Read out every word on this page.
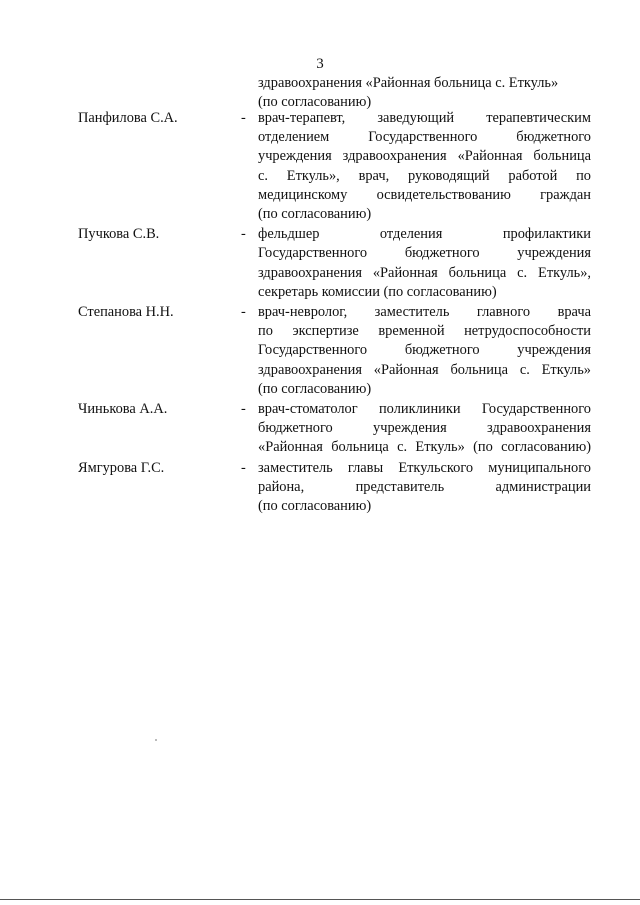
3
здравоохранения «Районная больница с. Еткуль»
(по согласованию)
Панфилова С.А.	- врач-терапевт, заведующий терапевтическим
отделением Государственного бюджетного
учреждения здравоохранения «Районная больница
с. Еткуль», врач, руководящий работой по
медицинскому освидетельствованию граждан
(по согласованию)
Пучкова С.В.	- фельдшер отделения профилактики
Государственного бюджетного учреждения
здравоохранения «Районная больница с. Еткуль»,
секретарь комиссии (по согласованию)
Степанова Н.Н.	- врач-невролог, заместитель главного врача
по экспертизе временной нетрудоспособности
Государственного бюджетного учреждения
здравоохранения «Районная больница с. Еткуль»
(по согласованию)
Чинькова А.А.	- врач-стоматолог поликлиники Государственного
бюджетного учреждения здравоохранения
«Районная больница с. Еткуль» (по согласованию)
Ямгурова Г.С.	- заместитель главы Еткульского муниципального
района, представитель администрации
(по согласованию)
